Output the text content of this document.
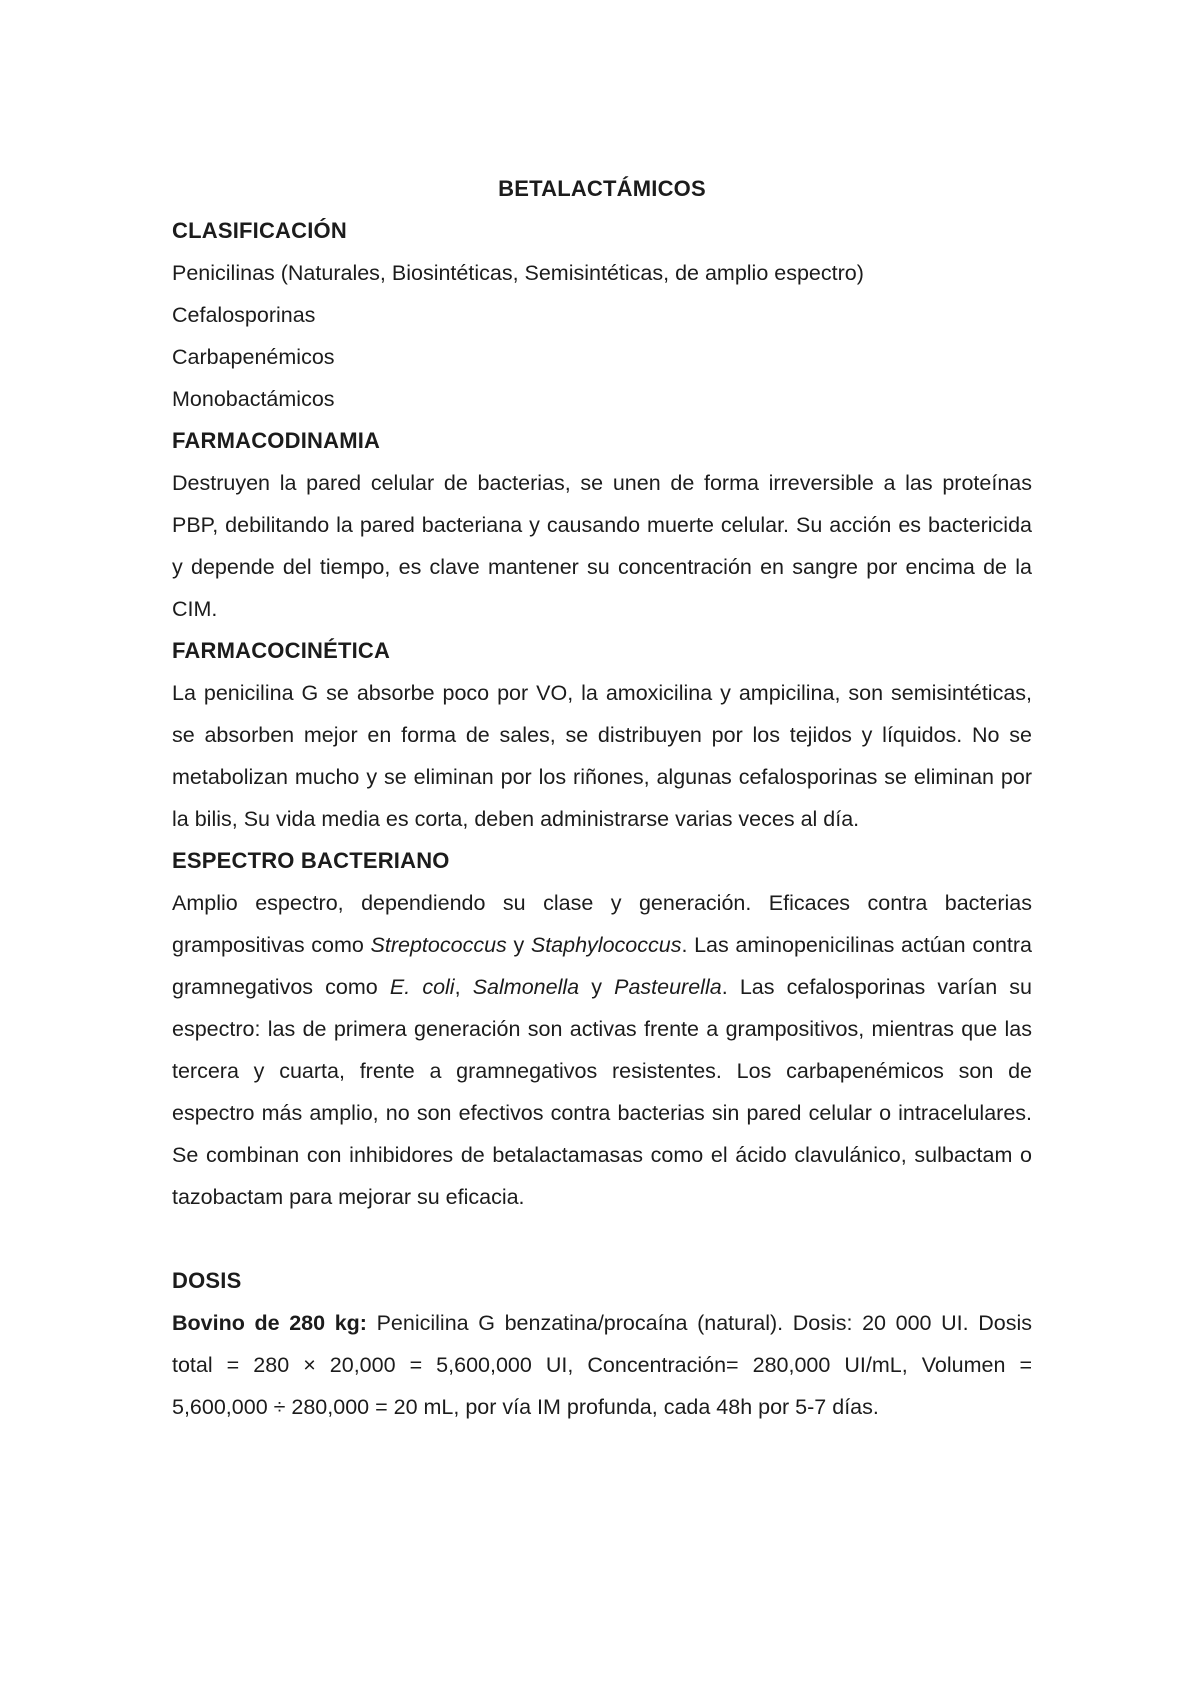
BETALACTÁMICOS
CLASIFICACIÓN

Penicilinas (Naturales, Biosintéticas, Semisintéticas, de amplio espectro)

Cefalosporinas

Carbapenémicos

Monobactámicos

FARMACODINAMIA

Destruyen la pared celular de bacterias, se unen de forma irreversible a las proteínas PBP, debilitando la pared bacteriana y causando muerte celular. Su acción es bactericida y depende del tiempo, es clave mantener su concentración en sangre por encima de la CIM.

FARMACOCINÉTICA

La penicilina G se absorbe poco por VO, la amoxicilina y ampicilina, son semisintéticas, se absorben mejor en forma de sales, se distribuyen por los tejidos y líquidos. No se metabolizan mucho y se eliminan por los riñones, algunas cefalosporinas se eliminan por la bilis, Su vida media es corta, deben administrarse varias veces al día.

ESPECTRO BACTERIANO

Amplio espectro, dependiendo su clase y generación. Eficaces contra bacterias grampositivas como Streptococcus y Staphylococcus. Las aminopenicilinas actúan contra gramnegativos como E. coli, Salmonella y Pasteurella. Las cefalosporinas varían su espectro: las de primera generación son activas frente a grampositivos, mientras que las tercera y cuarta, frente a gramnegativos resistentes. Los carbapenémicos son de espectro más amplio, no son efectivos contra bacterias sin pared celular o intracelulares. Se combinan con inhibidores de betalactamasas como el ácido clavulánico, sulbactam o tazobactam para mejorar su eficacia.

DOSIS

Bovino de 280 kg: Penicilina G benzatina/procaína (natural). Dosis: 20 000 UI. Dosis total = 280 × 20,000 = 5,600,000 UI, Concentración= 280,000 UI/mL, Volumen = 5,600,000 ÷ 280,000 = 20 mL, por vía IM profunda, cada 48h por 5-7 días.
